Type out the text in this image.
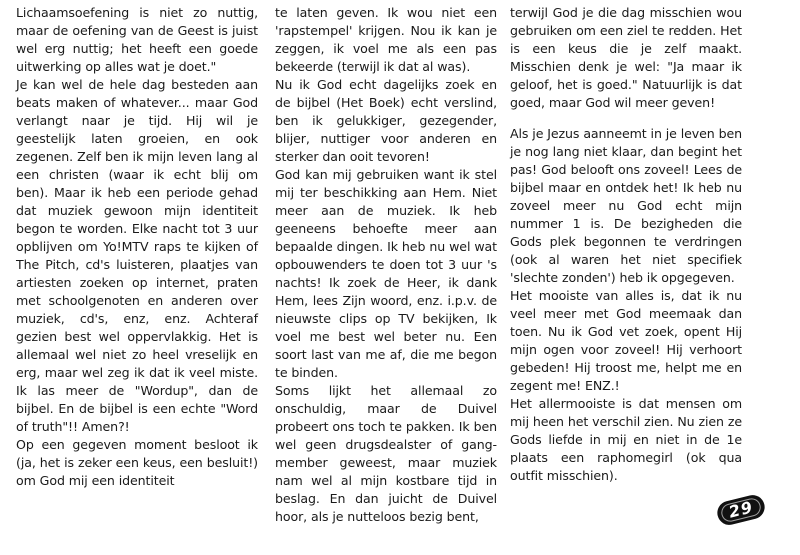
Lichaamsoefening is niet zo nuttig, maar de oefening van de Geest is juist wel erg nuttig; het heeft een goede uitwerking op alles wat je doet."

Je kan wel de hele dag besteden aan beats maken of whatever... maar God verlangt naar je tijd. Hij wil je geestelijk laten groeien, en ook zegenen. Zelf ben ik mijn leven lang al een christen (waar ik echt blij om ben). Maar ik heb een periode gehad dat muziek gewoon mijn identiteit begon te worden. Elke nacht tot 3 uur opblijven om Yo!MTV raps te kijken of The Pitch, cd's luisteren, plaatjes van artiesten zoeken op internet, praten met schoolgenoten en anderen over muziek, cd's, enz, enz. Achteraf gezien best wel oppervlakkig. Het is allemaal wel niet zo heel vreselijk en erg, maar wel zeg ik dat ik veel miste. Ik las meer de "Wordup", dan de bijbel. En de bijbel is een echte "Word of truth"!! Amen?!

Op een gegeven moment besloot ik (ja, het is zeker een keus, een besluit!) om God mij een identiteit

te laten geven. Ik wou niet een 'rapstempel' krijgen. Nou ik kan je zeggen, ik voel me als een pas bekeerde (terwijl ik dat al was).

Nu ik God echt dagelijks zoek en de bijbel (Het Boek) echt verslind, ben ik gelukkiger, gezegender, blijer, nuttiger voor anderen en sterker dan ooit tevoren!

God kan mij gebruiken want ik stel mij ter beschikking aan Hem. Niet meer aan de muziek. Ik heb geeneens behoefte meer aan bepaalde dingen. Ik heb nu wel wat opbouwenders te doen tot 3 uur 's nachts! Ik zoek de Heer, ik dank Hem, lees Zijn woord, enz. i.p.v. de nieuwste clips op TV bekijken, Ik voel me best wel beter nu. Een soort last van me af, die me begon te binden.

Soms lijkt het allemaal zo onschuldig, maar de Duivel probeert ons toch te pakken. Ik ben wel geen drugsdealster of gang-member geweest, maar muziek nam wel al mijn kostbare tijd in beslag. En dan juicht de Duivel hoor, als je nutteloos bezig bent,

terwijl God je die dag misschien wou gebruiken om een ziel te redden. Het is een keus die je zelf maakt. Misschien denk je wel: "Ja maar ik geloof, het is goed." Natuurlijk is dat goed, maar God wil meer geven!

Als je Jezus aanneemt in je leven ben je nog lang niet klaar, dan begint het pas! God belooft ons zoveel! Lees de bijbel maar en ontdek het! Ik heb nu zoveel meer nu God echt mijn nummer 1 is. De bezigheden die Gods plek begonnen te verdringen (ook al waren het niet specifiek 'slechte zonden') heb ik opgegeven.

Het mooiste van alles is, dat ik nu veel meer met God meemaak dan toen. Nu ik God vet zoek, opent Hij mijn ogen voor zoveel! Hij verhoort gebeden! Hij troost me, helpt me en zegent me! ENZ.!

Het allermooiste is dat mensen om mij heen het verschil zien. Nu zien ze Gods liefde in mij en niet in de 1e plaats een raphomegirl (ok qua outfit misschien).

29
